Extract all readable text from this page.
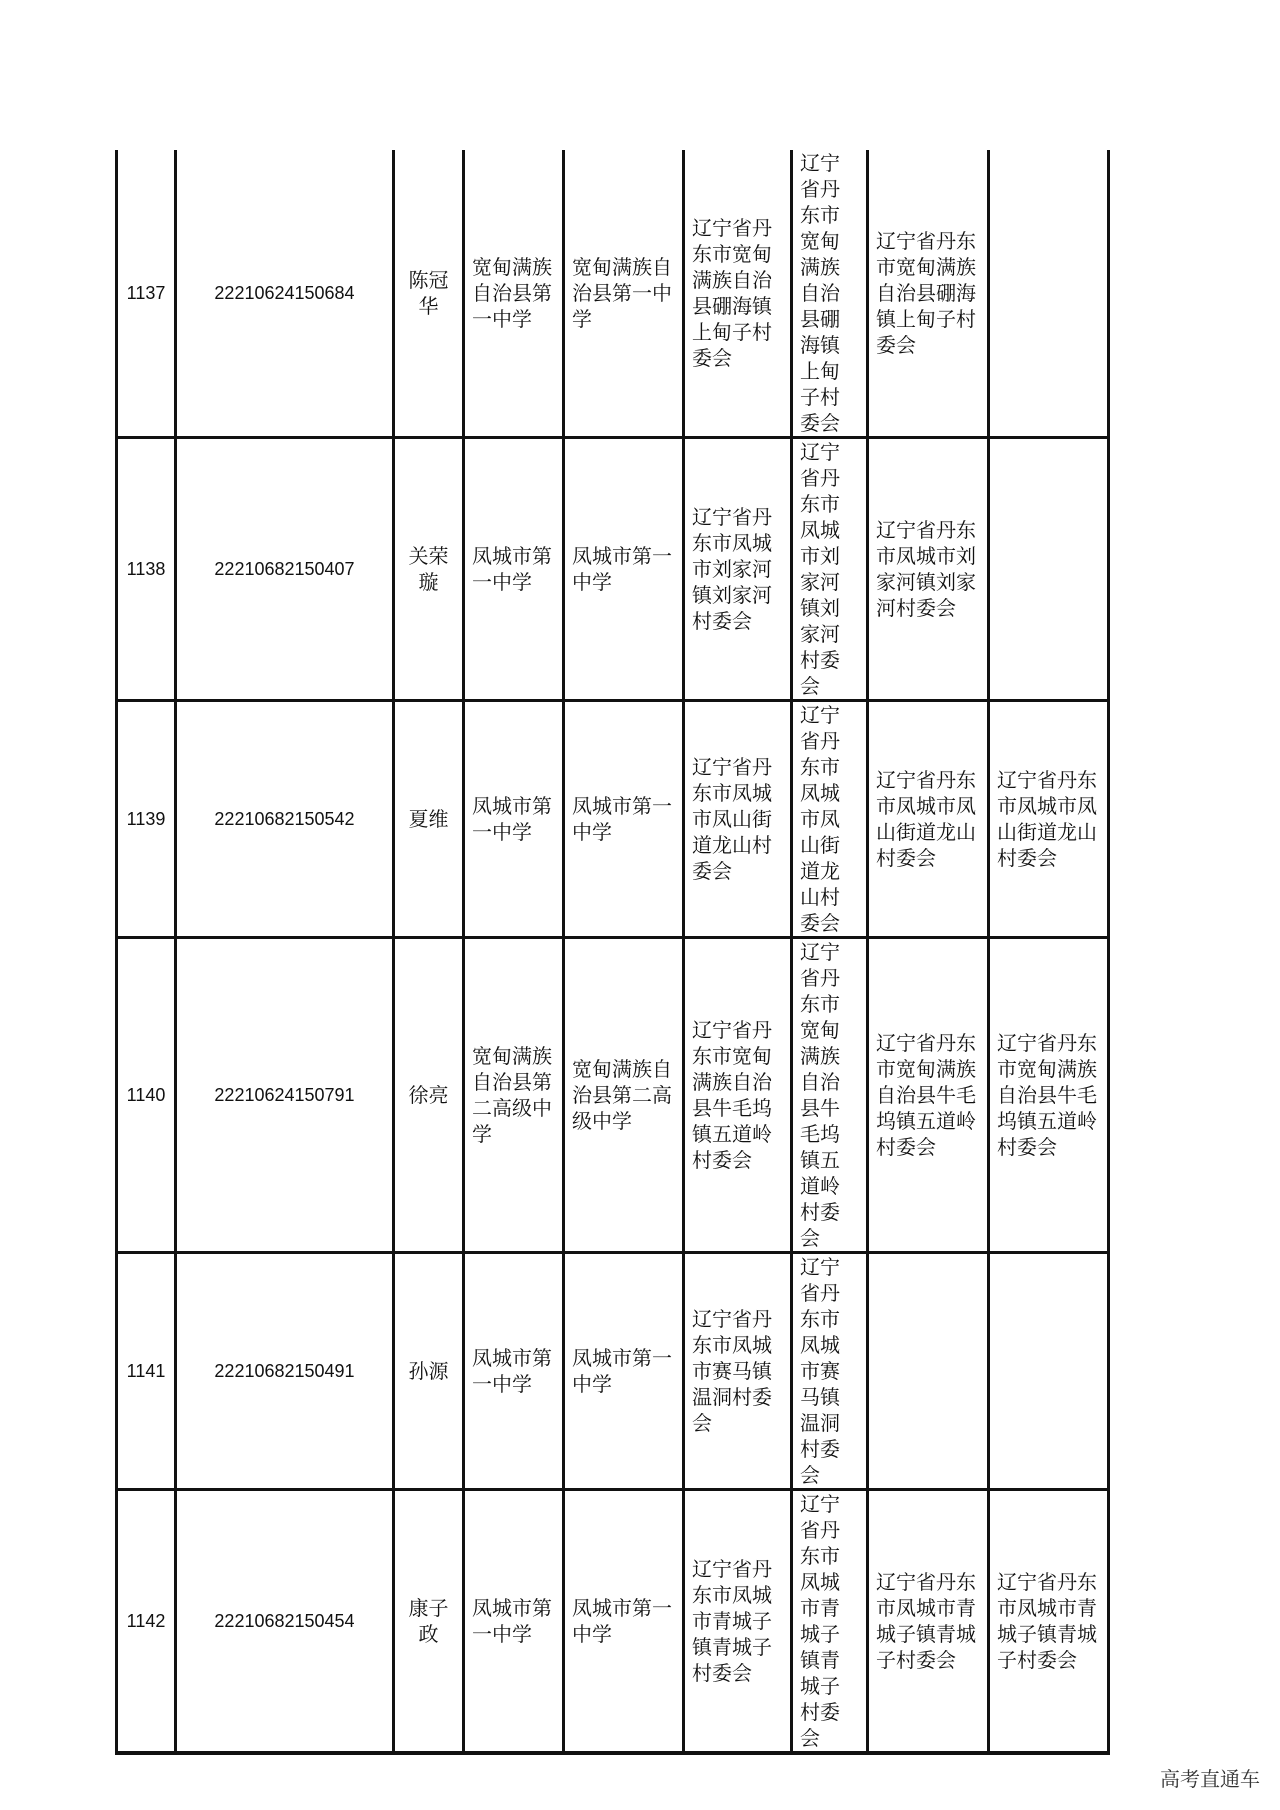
1137	22210624150684	陈冠华	宽甸满族自治县第一中学	宽甸满族自治县第一中学	辽宁省丹东市宽甸满族自治县硼海镇上甸子村委会	辽宁省丹东市宽甸满族自治县硼海镇上甸子村委会	辽宁省丹东市宽甸满族自治县硼海镇上甸子村委会	
1138	22210682150407	关荣璇	凤城市第一中学	凤城市第一中学	辽宁省丹东市凤城市刘家河镇刘家河村委会	辽宁省丹东市凤城市刘家河镇刘家河村委会	辽宁省丹东市凤城市刘家河镇刘家河村委会	
1139	22210682150542	夏维	凤城市第一中学	凤城市第一中学	辽宁省丹东市凤城市凤山街道龙山村委会	辽宁省丹东市凤城市凤山街道龙山村委会	辽宁省丹东市凤城市凤山街道龙山村委会	辽宁省丹东市凤城市凤山街道龙山村委会
1140	22210624150791	徐亮	宽甸满族自治县第二高级中学	宽甸满族自治县第二高级中学	辽宁省丹东市宽甸满族自治县牛毛坞镇五道岭村委会	辽宁省丹东市宽甸满族自治县牛毛坞镇五道岭村委会	辽宁省丹东市宽甸满族自治县牛毛坞镇五道岭村委会	辽宁省丹东市宽甸满族自治县牛毛坞镇五道岭村委会
1141	22210682150491	孙源	凤城市第一中学	凤城市第一中学	辽宁省丹东市凤城市赛马镇温洞村委会	辽宁省丹东市凤城市赛马镇温洞村委会		
1142	22210682150454	康子政	凤城市第一中学	凤城市第一中学	辽宁省丹东市凤城市青城子镇青城子村委会	辽宁省丹东市凤城市青城子镇青城子村委会	辽宁省丹东市凤城市青城子镇青城子村委会	辽宁省丹东市凤城市青城子镇青城子村委会
高考直通车
